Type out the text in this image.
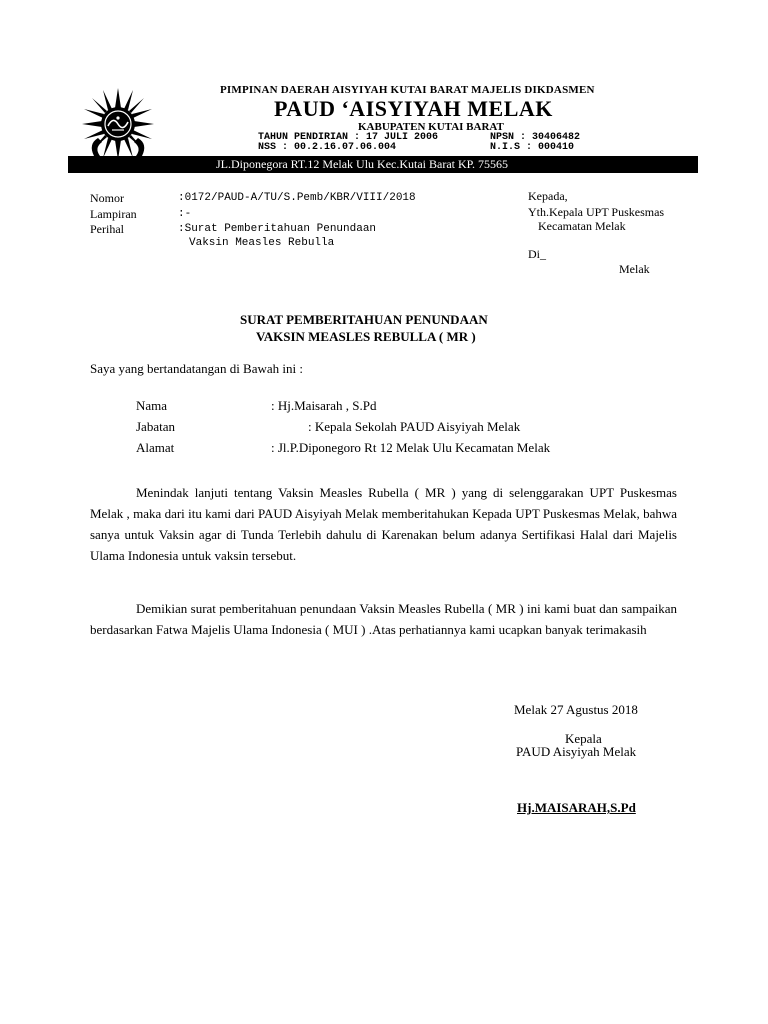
PIMPINAN DAERAH AISYIYAH KUTAI BARAT MAJELIS DIKDASMEN
PAUD ‘AISYIYAH MELAK
KABUPATEN KUTAI BARAT
TAHUN PENDIRIAN : 17 JULI 2006	NPSN : 30406482
NSS : 00.2.16.07.06.004	N.I.S : 000410
JL.Diponegora RT.12 Melak Ulu Kec.Kutai Barat KP. 75565
Nomor
Lampiran
Perihal
:0172/PAUD-A/TU/S.Pemb/KBR/VIII/2018
:-
:Surat Pemberitahuan Penundaan
Vaksin Measles Rebulla
Kepada,
Yth.Kepala UPT Puskesmas
Kecamatan Melak
Di_
Melak
SURAT PEMBERITAHUAN PENUNDAAN
VAKSIN MEASLES REBULLA ( MR )
Saya yang bertandatangan di Bawah ini :
Nama
Jabatan
Alamat
: Hj.Maisarah , S.Pd
: Kepala Sekolah PAUD Aisyiyah Melak
: Jl.P.Diponegoro Rt 12 Melak Ulu Kecamatan Melak
Menindak lanjuti tentang Vaksin Measles Rubella ( MR ) yang di selenggarakan UPT Puskesmas Melak , maka dari itu kami dari PAUD Aisyiyah Melak memberitahukan Kepada UPT Puskesmas Melak, bahwa sanya untuk Vaksin agar di Tunda Terlebih dahulu di Karenakan belum adanya Sertifikasi Halal dari Majelis Ulama Indonesia untuk vaksin tersebut.
Demikian surat pemberitahuan penundaan Vaksin Measles Rubella ( MR ) ini kami buat dan sampaikan berdasarkan Fatwa Majelis Ulama Indonesia ( MUI ) .Atas perhatiannya kami ucapkan banyak terimakasih
Melak 27 Agustus 2018
Kepala
PAUD Aisyiyah Melak
Hj.MAISARAH,S.Pd
